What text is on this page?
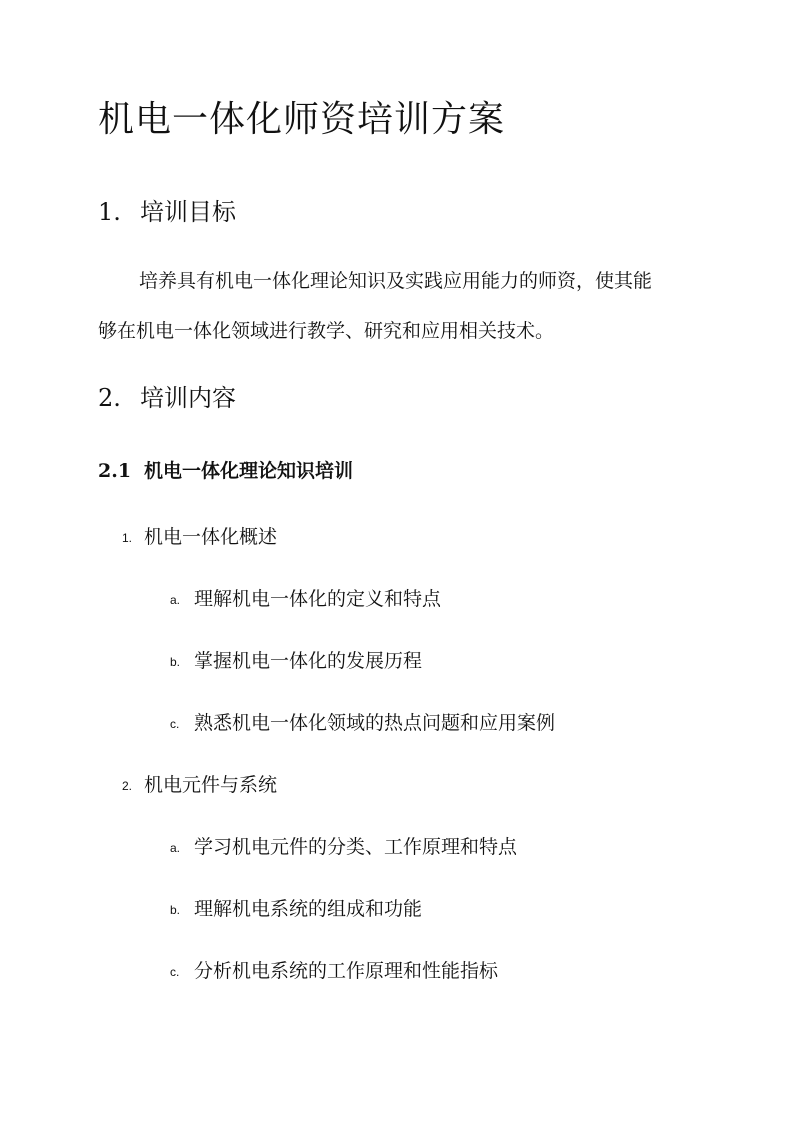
机电一体化师资培训方案
1. 培训目标
培养具有机电一体化理论知识及实践应用能力的师资，使其能
够在机电一体化领域进行教学、研究和应用相关技术。
2. 培训内容
2.1 机电一体化理论知识培训
1. 机电一体化概述
a. 理解机电一体化的定义和特点
b. 掌握机电一体化的发展历程
c. 熟悉机电一体化领域的热点问题和应用案例
2. 机电元件与系统
a. 学习机电元件的分类、工作原理和特点
b. 理解机电系统的组成和功能
c. 分析机电系统的工作原理和性能指标
